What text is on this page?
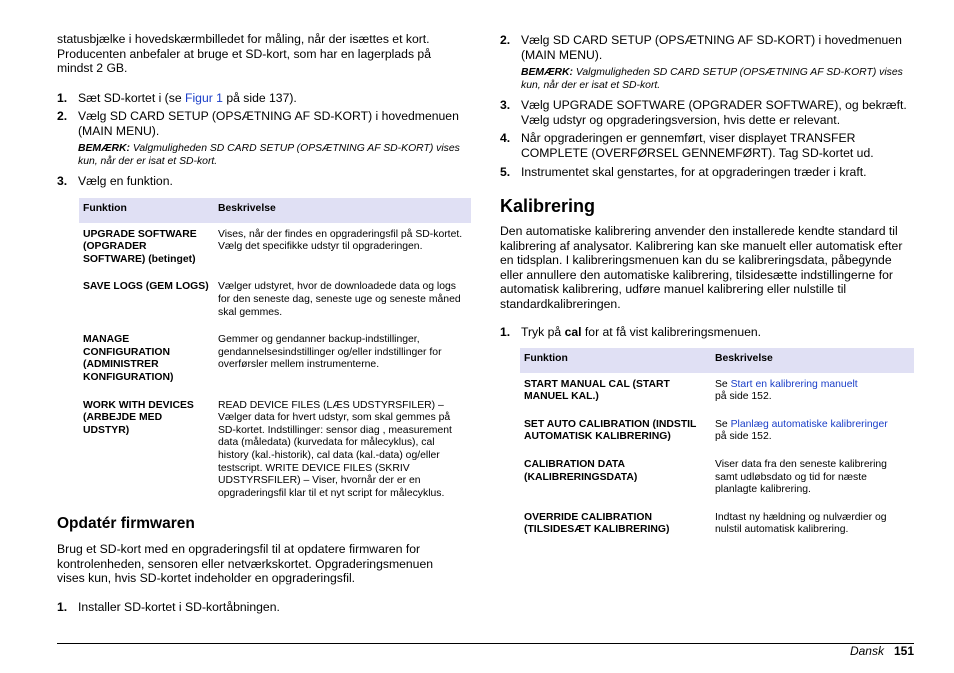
statusbjælke i hovedskærmbilledet for måling, når der isættes et kort. Producenten anbefaler at bruge et SD-kort, som har en lagerplads på mindst 2 GB.

1. Sæt SD-kortet i (se Figur 1 på side 137).
2. Vælg SD CARD SETUP (OPSÆTNING AF SD-KORT) i hovedmenuen (MAIN MENU).
BEMÆRK: Valgmuligheden SD CARD SETUP (OPSÆTNING AF SD-KORT) vises kun, når der er isat et SD-kort.
3. Vælg en funktion.
Funktion	Beskrivelse
UPGRADE SOFTWARE (OPGRADER SOFTWARE) (betinget)	Vises, når der findes en opgraderingsfil på SD-kortet. Vælg det specifikke udstyr til opgraderingen.
SAVE LOGS (GEM LOGS)	Vælger udstyret, hvor de downloadede data og logs for den seneste dag, seneste uge og seneste måned skal gemmes.
MANAGE CONFIGURATION (ADMINISTRER KONFIGURATION)	Gemmer og gendanner backup-indstillinger, gendannelsesindstillinger og/eller indstillinger for overførsler mellem instrumenterne.
WORK WITH DEVICES (ARBEJDE MED UDSTYR)	READ DEVICE FILES (LÆS UDSTYRSFILER) – Vælger data for hvert udstyr, som skal gemmes på SD-kortet. Indstillinger: sensor diag , measurement data (måledata) (kurvedata for målecyklus), cal history (kal.-historik), cal data (kal.-data) og/eller testscript. WRITE DEVICE FILES (SKRIV UDSTYRSFILER) – Viser, hvornår der er en opgraderingsfil klar til et nyt script for målecyklus.
Opdatér firmwaren

Brug et SD-kort med en opgraderingsfil til at opdatere firmwaren for kontrolenheden, sensoren eller netværkskortet. Opgraderingsmenuen vises kun, hvis SD-kortet indeholder en opgraderingsfil.

1. Installer SD-kortet i SD-kortåbningen.
2. Vælg SD CARD SETUP (OPSÆTNING AF SD-KORT) i hovedmenuen (MAIN MENU).
BEMÆRK: Valgmuligheden SD CARD SETUP (OPSÆTNING AF SD-KORT) vises kun, når der er isat et SD-kort.
3. Vælg UPGRADE SOFTWARE (OPGRADER SOFTWARE), og bekræft. Vælg udstyr og opgraderingsversion, hvis dette er relevant.
4. Når opgraderingen er gennemført, viser displayet TRANSFER COMPLETE (OVERFØRSEL GENNEMFØRT). Tag SD-kortet ud.
5. Instrumentet skal genstartes, for at opgraderingen træder i kraft.
Kalibrering

Den automatiske kalibrering anvender den installerede kendte standard til kalibrering af analysator. Kalibrering kan ske manuelt eller automatisk efter en tidsplan. I kalibreringsmenuen kan du se kalibreringsdata, påbegynde eller annullere den automatiske kalibrering, tilsidesætte indstillingerne for automatisk kalibrering, udføre manuel kalibrering eller nulstille til standardkalibreringen.

1. Tryk på cal for at få vist kalibreringsmenuen.
Funktion	Beskrivelse
START MANUAL CAL (START MANUEL KAL.)	Se Start en kalibrering manuelt
på side 152.
SET AUTO CALIBRATION (INDSTIL AUTOMATISK KALIBRERING)	Se Planlæg automatiske kalibreringer
på side 152.
CALIBRATION DATA (KALIBRERINGSDATA)	Viser data fra den seneste kalibrering samt udløbsdato og tid for næste planlagte kalibrering.
OVERRIDE CALIBRATION (TILSIDESÆT KALIBRERING)	Indtast ny hældning og nulværdier og nulstil automatisk kalibrering.
Dansk 151
